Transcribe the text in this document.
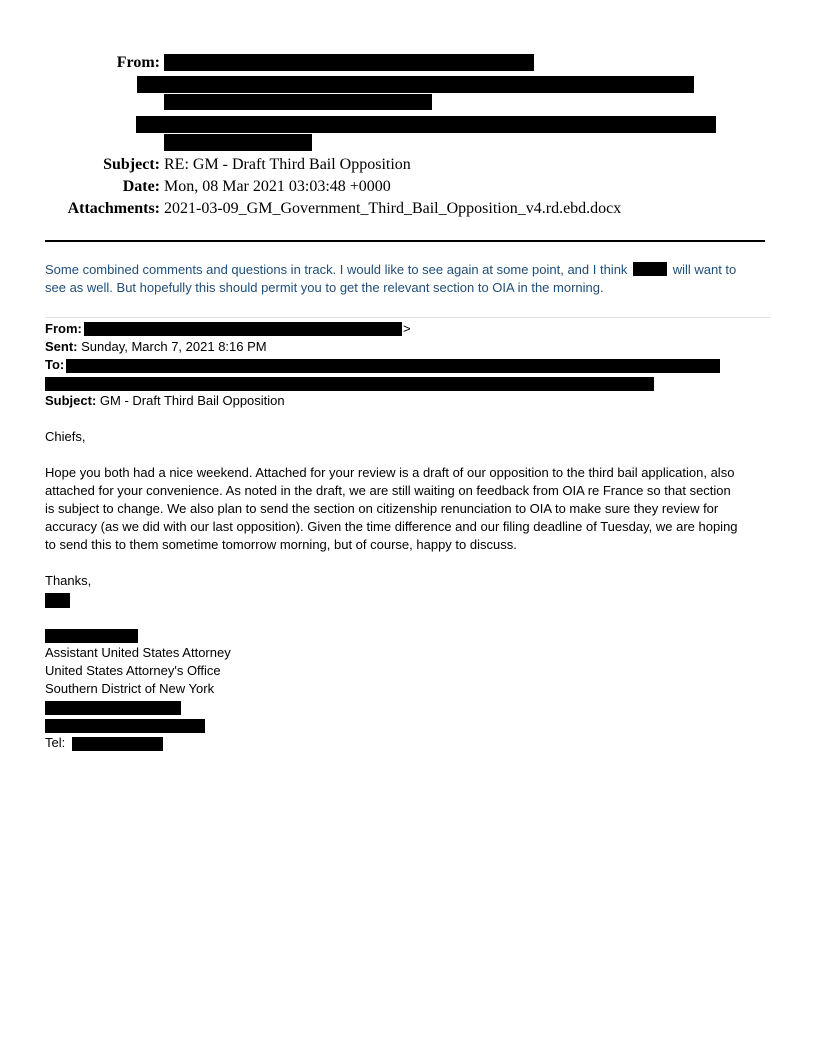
From:
Subject: RE: GM - Draft Third Bail Opposition
Date: Mon, 08 Mar 2021 03:03:48 +0000
Attachments: 2021-03-09_GM_Government_Third_Bail_Opposition_v4.rd.ebd.docx
Some combined comments and questions in track. I would like to see again at some point, and I think	will want to
see as well. But hopefully this should permit you to get the relevant section to OIA in the morning.
From:	>
Sent: Sunday, March 7, 2021 8:16 PM
To:
Subject: GM - Draft Third Bail Opposition
Chiefs,
Hope you both had a nice weekend. Attached for your review is a draft of our opposition to the third bail application, also
attached for your convenience. As noted in the draft, we are still waiting on feedback from OIA re France so that section
is subject to change. We also plan to send the section on citizenship renunciation to OIA to make sure they review for
accuracy (as we did with our last opposition). Given the time difference and our filing deadline of Tuesday, we are hoping
to send this to them sometime tomorrow morning, but of course, happy to discuss.
Thanks,
Assistant United States Attorney
United States Attorney's Office
Southern District of New York
Tel:
